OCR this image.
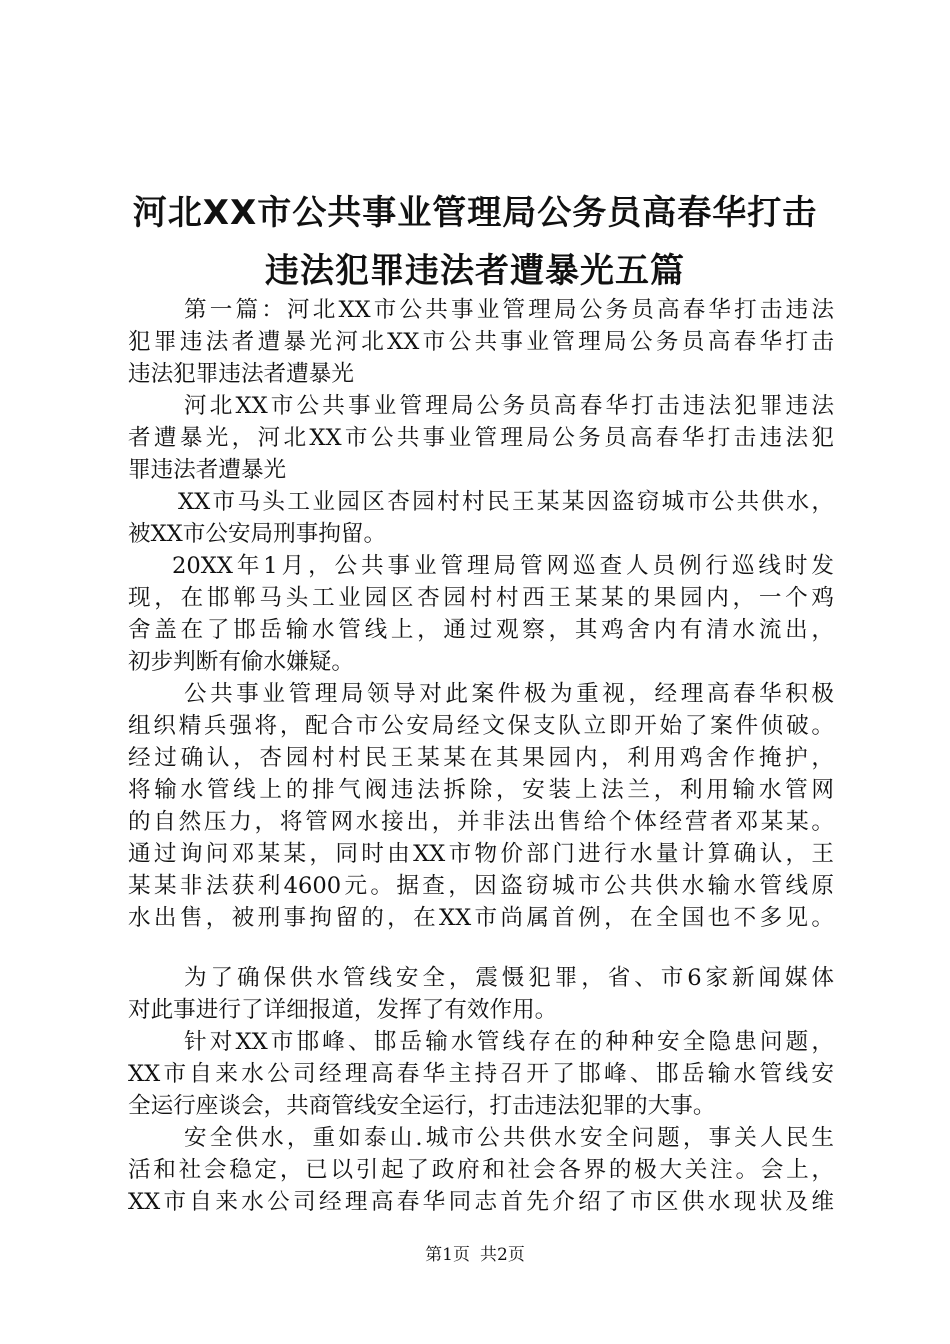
河北XX市公共事业管理局公务员高春华打击
违法犯罪违法者遭暴光五篇
第一篇：河北XX市公共事业管理局公务员高春华打击违法
犯罪违法者遭暴光河北XX市公共事业管理局公务员高春华打击
违法犯罪违法者遭暴光
河北XX市公共事业管理局公务员高春华打击违法犯罪违法
者遭暴光，河北XX市公共事业管理局公务员高春华打击违法犯
罪违法者遭暴光
XX市马头工业园区杏园村村民王某某因盗窃城市公共供水，
被XX市公安局刑事拘留。
20XX年1月，公共事业管理局管网巡查人员例行巡线时发
现，在邯郸马头工业园区杏园村村西王某某的果园内，一个鸡
舍盖在了邯岳输水管线上，通过观察，其鸡舍内有清水流出，
初步判断有偷水嫌疑。
公共事业管理局领导对此案件极为重视，经理高春华积极
组织精兵强将，配合市公安局经文保支队立即开始了案件侦破。
经过确认，杏园村村民王某某在其果园内，利用鸡舍作掩护，
将输水管线上的排气阀违法拆除，安装上法兰，利用输水管网
的自然压力，将管网水接出，并非法出售给个体经营者邓某某。
通过询问邓某某，同时由XX市物价部门进行水量计算确认，王
某某非法获利4600元。据查，因盗窃城市公共供水输水管线原
水出售，被刑事拘留的，在XX市尚属首例，在全国也不多见。
为了确保供水管线安全，震慑犯罪，省、市6家新闻媒体
对此事进行了详细报道，发挥了有效作用。
针对XX市邯峰、邯岳输水管线存在的种种安全隐患问题，
XX市自来水公司经理高春华主持召开了邯峰、邯岳输水管线安
全运行座谈会，共商管线安全运行，打击违法犯罪的大事。
安全供水，重如泰山.城市公共供水安全问题，事关人民生
活和社会稳定，已以引起了政府和社会各界的极大关注。会上，
XX市自来水公司经理高春华同志首先介绍了市区供水现状及维
第1页 共2页
